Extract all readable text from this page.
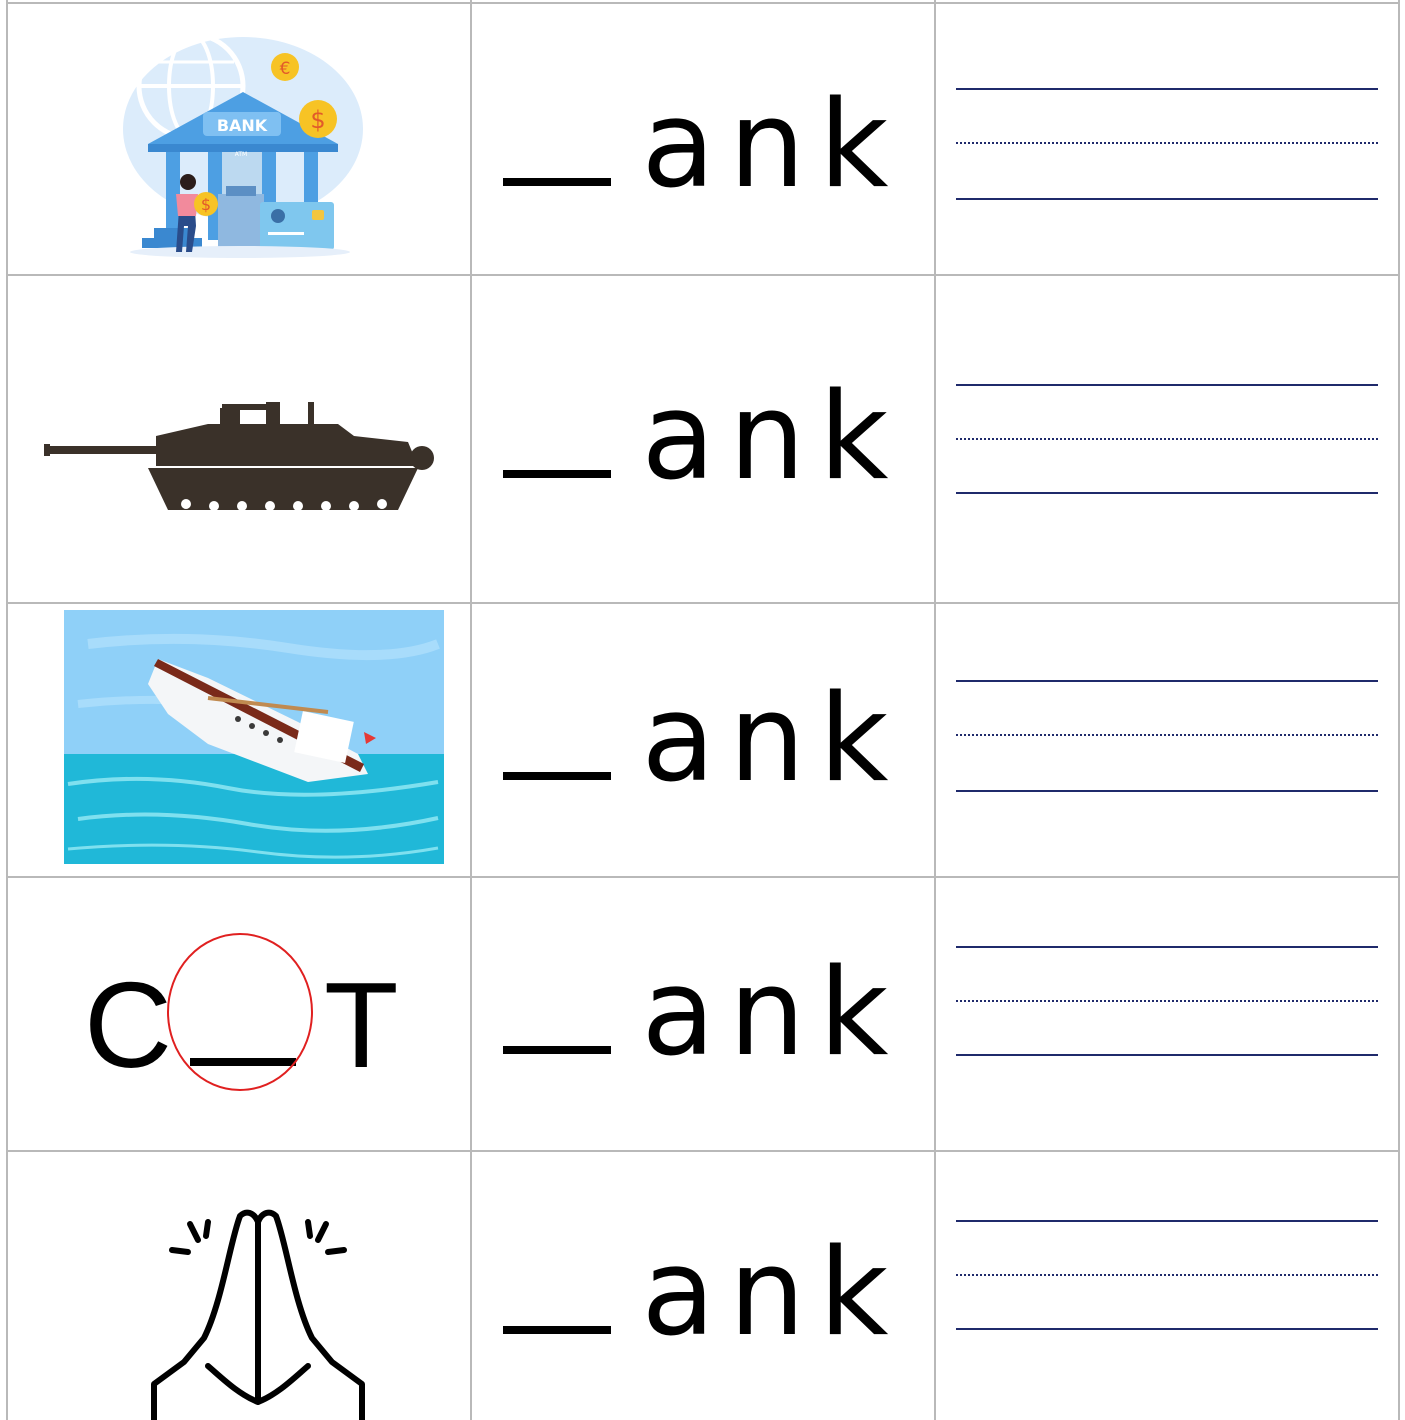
BANK
ATM
$
€
$	ank
ank
ank
C T	ank
ank
